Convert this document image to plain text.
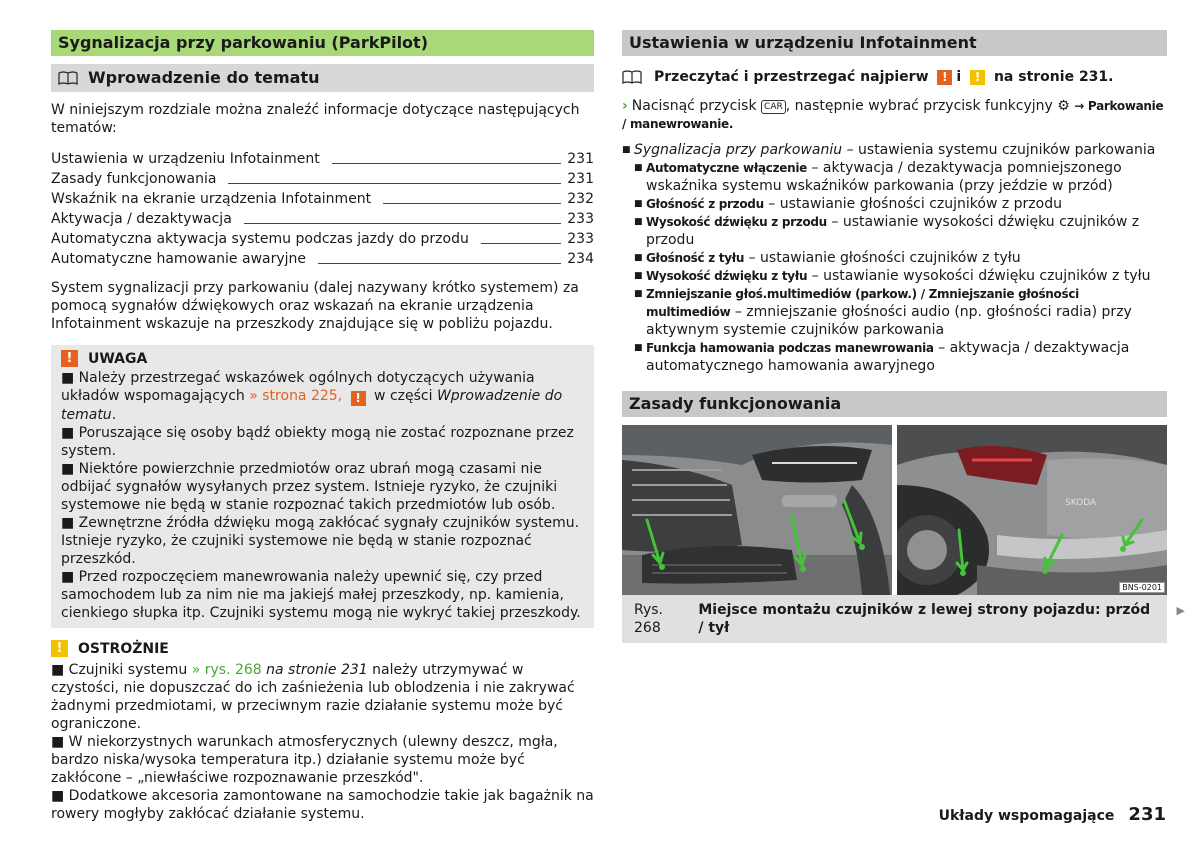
Sygnalizacja przy parkowaniu (ParkPilot)
Wprowadzenie do tematu

W niniejszym rozdziale można znaleźć informacje dotyczące następujących tematów:

Ustawienia w urządzeniu Infotainment	231
Zasady funkcjonowania	231
Wskaźnik na ekranie urządzenia Infotainment	232
Aktywacja / dezaktywacja	233
Automatyczna aktywacja systemu podczas jazdy do przodu	233
Automatyczne hamowanie awaryjne	234

System sygnalizacji przy parkowaniu (dalej nazywany krótko systemem) za pomocą sygnałów dźwiękowych oraz wskazań na ekranie urządzenia Infotainment wskazuje na przeszkody znajdujące się w pobliżu pojazdu.

!	UWAGA

■ Należy przestrzegać wskazówek ogólnych dotyczących używania układów wspomagających » strona 225, ! w części Wprowadzenie do tematu.

■ Poruszające się osoby bądź obiekty mogą nie zostać rozpoznane przez system.

■ Niektóre powierzchnie przedmiotów oraz ubrań mogą czasami nie odbijać sygnałów wysyłanych przez system. Istnieje ryzyko, że czujniki systemowe nie będą w stanie rozpoznać takich przedmiotów lub osób.

■ Zewnętrzne źródła dźwięku mogą zakłócać sygnały czujników systemu. Istnieje ryzyko, że czujniki systemowe nie będą w stanie rozpoznać przeszkód.

■ Przed rozpoczęciem manewrowania należy upewnić się, czy przed samochodem lub za nim nie ma jakiejś małej przeszkody, np. kamienia, cienkiego słupka itp. Czujniki systemu mogą nie wykryć takiej przeszkody.

!	OSTROŻNIE

■ Czujniki systemu » rys. 268 na stronie 231 należy utrzymywać w czystości, nie dopuszczać do ich zaśnieżenia lub oblodzenia i nie zakrywać żadnymi przedmiotami, w przeciwnym razie działanie systemu może być ograniczone.

■ W niekorzystnych warunkach atmosferycznych (ulewny deszcz, mgła, bardzo niska/wysoka temperatura itp.) działanie systemu może być zakłócone – „niewłaściwe rozpoznawanie przeszkód".

■ Dodatkowe akcesoria zamontowane na samochodzie takie jak bagażnik na rowery mogłyby zakłócać działanie systemu.

Ustawienia w urządzeniu Infotainment
Przeczytać i przestrzegać najpierw
	! i
	!
na stronie 231.

› Nacisnąć przycisk CAR , następnie wybrać przycisk funkcyjny ⚙ → Parkowanie / manewrowanie.

■ Sygnalizacja przy parkowaniu – ustawienia systemu czujników parkowania
■ Automatyczne włączenie – aktywacja / dezaktywacja pomniejszonego wskaźnika systemu wskaźników parkowania (przy jeździe w przód)
■ Głośność z przodu – ustawianie głośności czujników z przodu
■ Wysokość dźwięku z przodu – ustawianie wysokości dźwięku czujników z przodu
■ Głośność z tyłu – ustawianie głośności czujników z tyłu
■ Wysokość dźwięku z tyłu – ustawianie wysokości dźwięku czujników z tyłu
■ Zmniejszanie głoś.multimediów (parkow.) / Zmniejszanie głośności multimediów – zmniejszanie głośności audio (np. głośności radia) przy aktywnym systemie czujników parkowania
■ Funkcja hamowania podczas manewrowania – aktywacja / dezaktywacja automatycznego hamowania awaryjnego
Zasady funkcjonowania
SKODA
BNS-0201
Rys. 268
Miejsce montażu czujników z lewej strony pojazdu: przód / tył
▶
Układy wspomagające 231
